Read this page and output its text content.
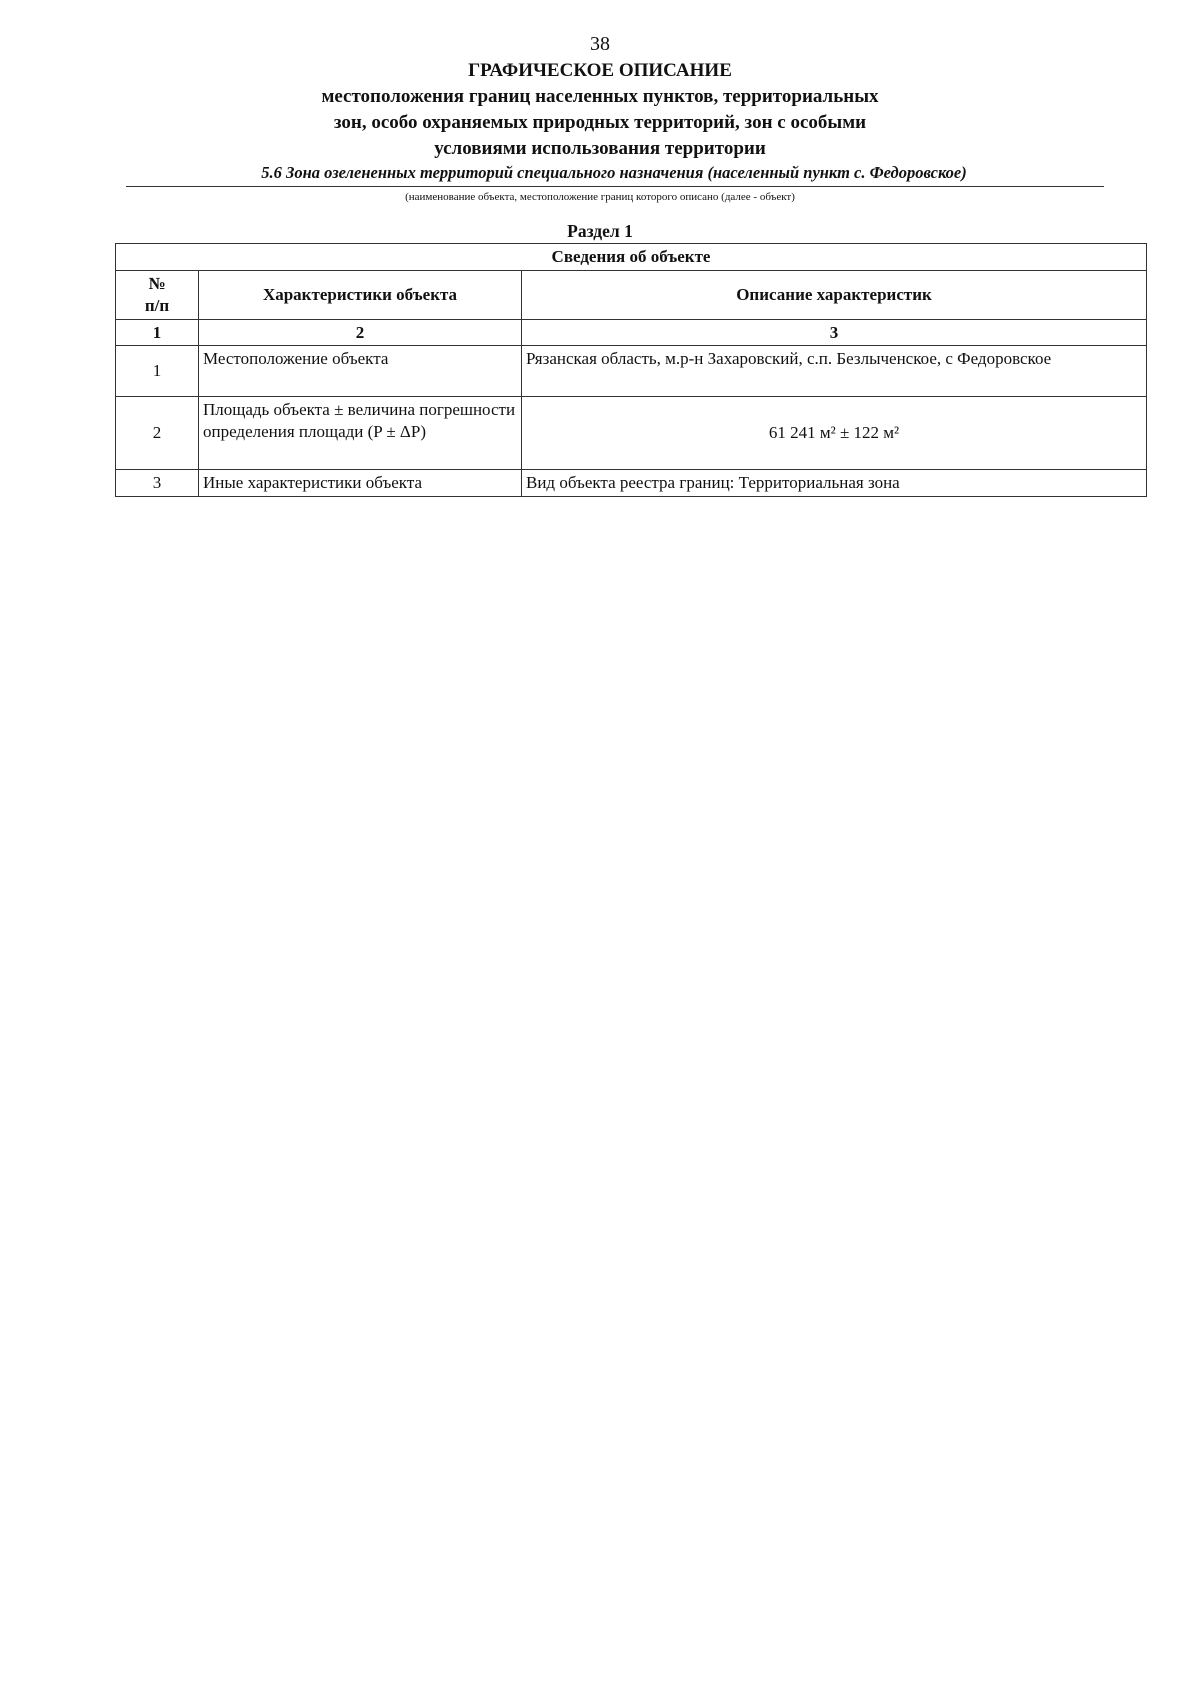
38
ГРАФИЧЕСКОЕ ОПИСАНИЕ
местоположения границ населенных пунктов, территориальных
зон, особо охраняемых природных территорий, зон с особыми
условиями использования территории
5.6 Зона озелененных территорий специального назначения (населенный пункт с. Федоровское)
(наименование объекта, местоположение границ которого описано (далее - объект)
Раздел 1
Сведения об объекте		
№
п/п	Характеристики объекта	Описание характеристик
1	2	3
1	Местоположение объекта	Рязанская область, м.р-н Захаровский, с.п. Безлыченское, с Федоровское
2	Площадь объекта ± величина погрешности определения площади (P ± ΔP)	61 241 м² ± 122 м²
3	Иные характеристики объекта	Вид объекта реестра границ: Территориальная зона
